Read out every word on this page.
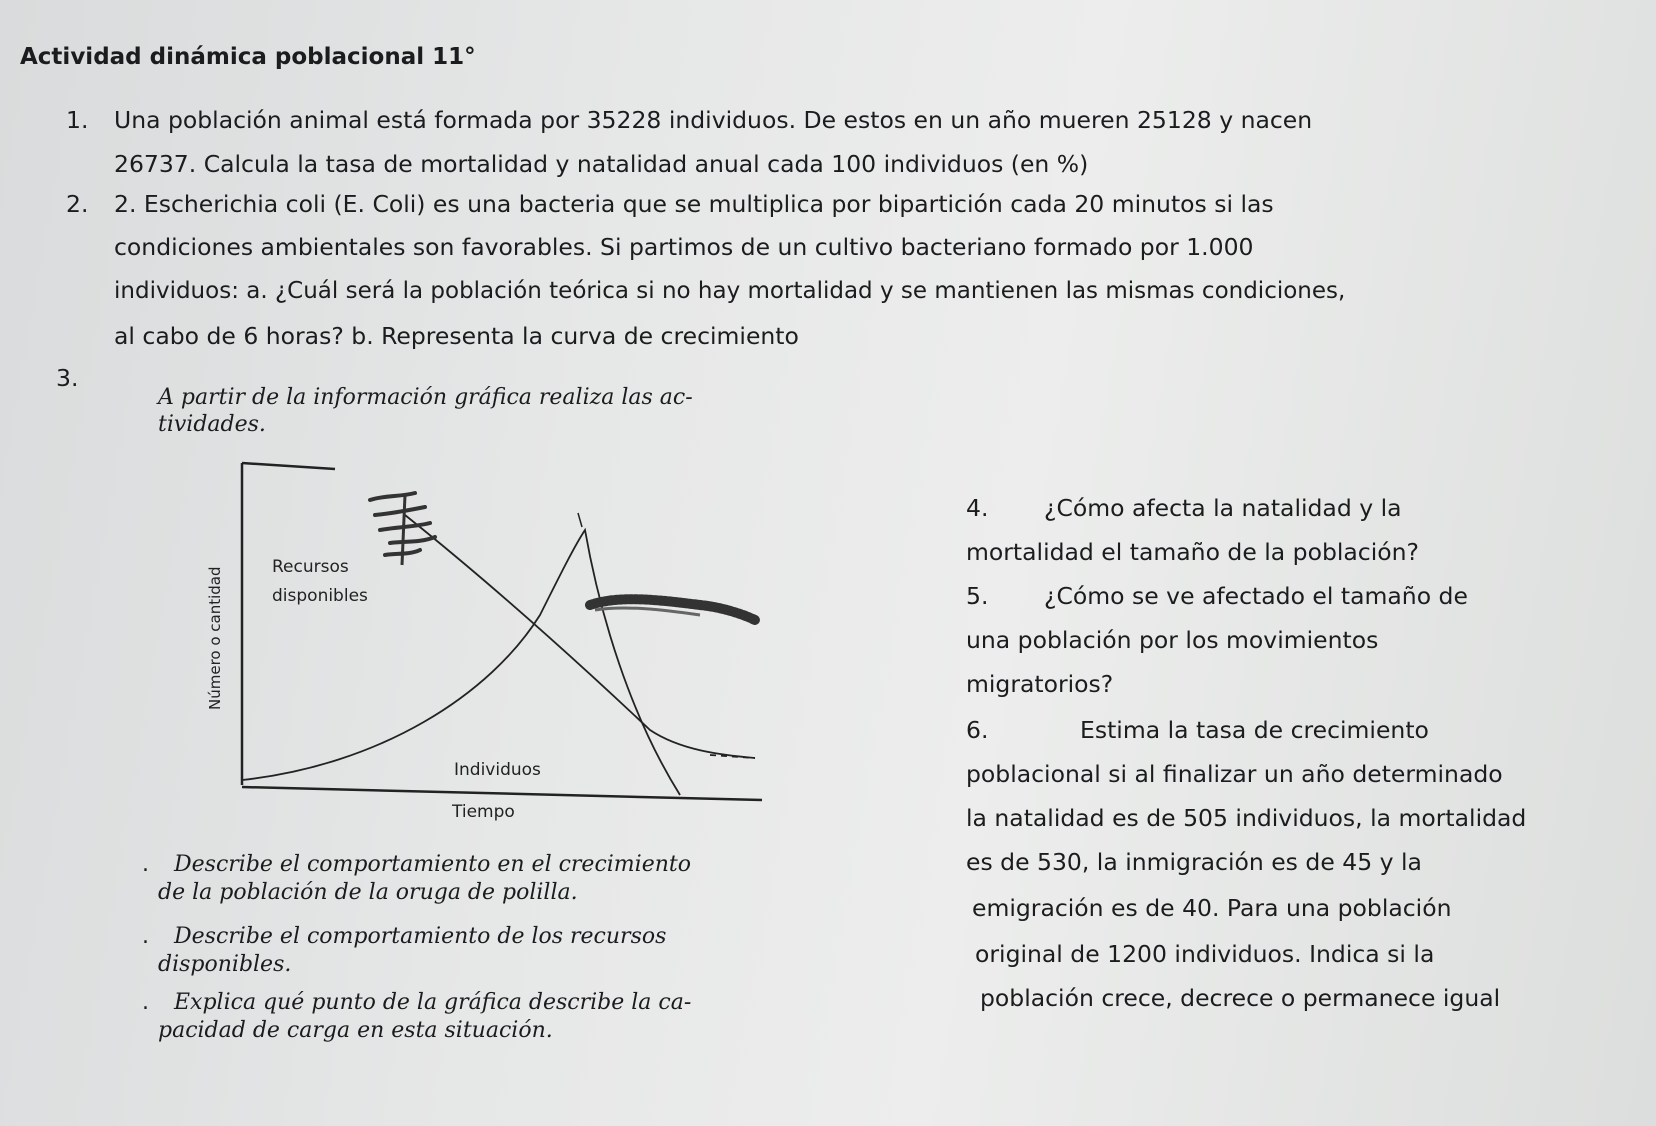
Actividad dinámica poblacional 11°
1. Una población animal está formada por 35228 individuos. De estos en un año mueren 25128 y nacen
26737. Calcula la tasa de mortalidad y natalidad anual cada 100 individuos (en %)
2. 2. Escherichia coli (E. Coli) es una bacteria que se multiplica por bipartición cada 20 minutos si las
condiciones ambientales son favorables. Si partimos de un cultivo bacteriano formado por 1.000
individuos: a. ¿Cuál será la población teórica si no hay mortalidad y se mantienen las mismas condiciones,
al cabo de 6 horas? b. Representa la curva de crecimiento
3.
A partir de la información gráfica realiza las ac-
tividades.
Recursos
disponibles
Individuos
Tiempo
Número o cantidad
. Describe el comportamiento en el crecimiento
de la población de la oruga de polilla.
. Describe el comportamiento de los recursos
disponibles.
. Explica qué punto de la gráfica describe la ca-
pacidad de carga en esta situación.
4. ¿Cómo afecta la natalidad y la
mortalidad el tamaño de la población?
5. ¿Cómo se ve afectado el tamaño de
una población por los movimientos
migratorios?
6.	Estima la tasa de crecimiento
poblacional si al finalizar un año determinado
la natalidad es de 505 individuos, la mortalidad
es de 530, la inmigración es de 45 y la
emigración es de 40. Para una población
original de 1200 individuos. Indica si la
población crece, decrece o permanece igual
